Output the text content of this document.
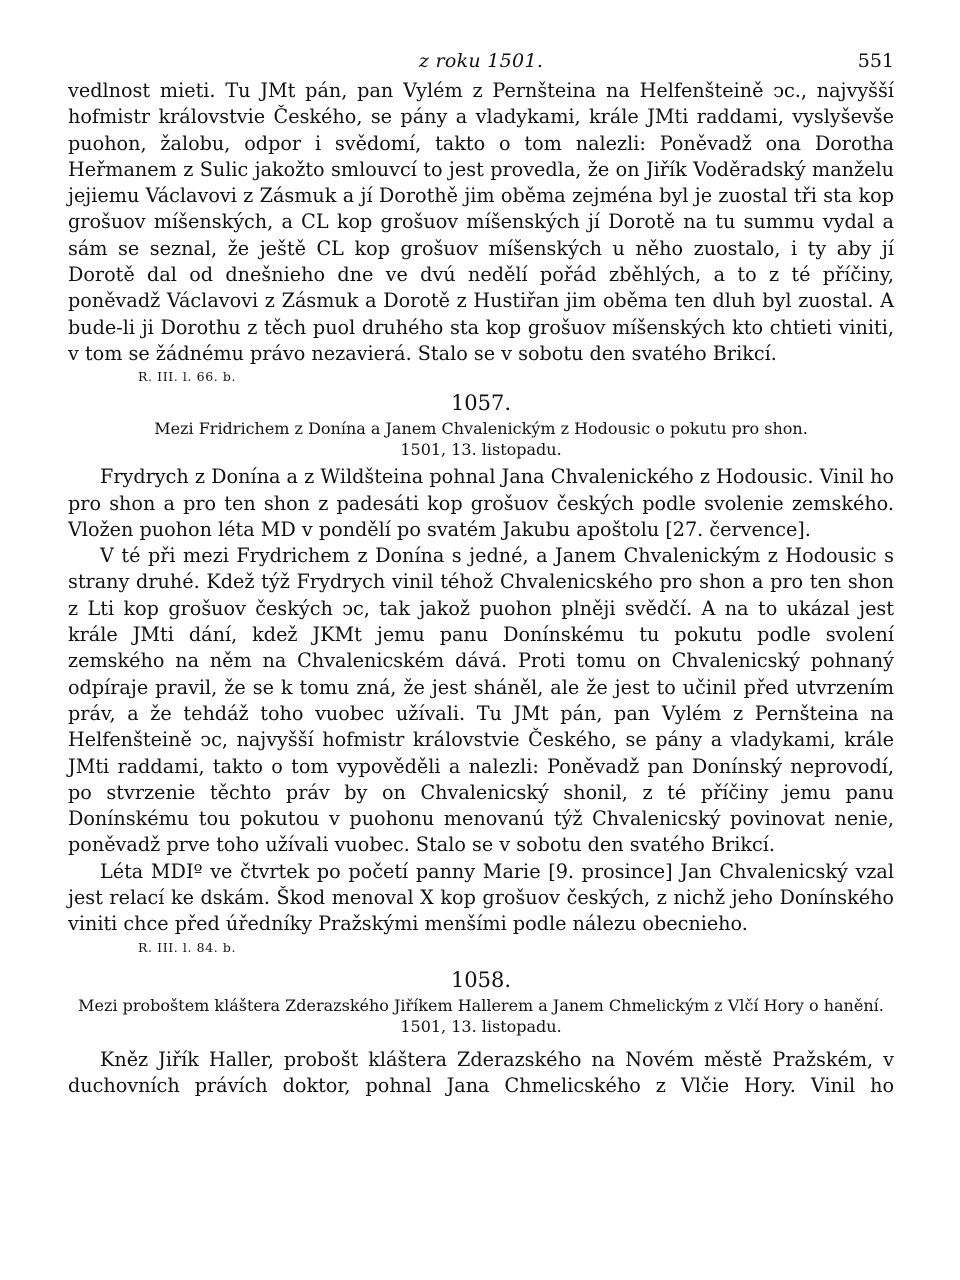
z roku 1501.	551

vedlnost mieti. Tu JMt pán, pan Vylém z Pernšteina na Helfenšteině ↄc., najvyšší hofmistr královstvie Českého, se pány a vladykami, krále JMti raddami, vyslyševše puohon, žalobu, odpor i svědomí, takto o tom nalezli: Poněvadž ona Dorotha Heřmanem z Sulic jakožto smlouvcí to jest provedla, že on Jiřík Voděradský manželu jejiemu Václavovi z Zásmuk a jí Dorothě jim oběma zejména byl je zuostal tři sta kop grošuov míšenských, a CL kop grošuov míšenských jí Dorotě na tu summu vydal a sám se seznal, že ještě CL kop grošuov míšenských u něho zuostalo, i ty aby jí Dorotě dal od dnešnieho dne ve dvú nedělí pořád zběhlých, a to z té příčiny, poněvadž Václavovi z Zásmuk a Dorotě z Hustiřan jim oběma ten dluh byl zuostal. A bude-li ji Dorothu z těch puol druhého sta kop grošuov míšenských kto chtieti viniti, v tom se žádnému právo nezavierá. Stalo se v sobotu den svatého Brikcí.

R. III. l. 66. b.
1057.
Mezi Fridrichem z Donína a Janem Chvalenickým z Hodousic o pokutu pro shon.
1501, 13. listopadu.

Frydrych z Donína a z Wildšteina pohnal Jana Chvalenického z Hodousic. Vinil ho pro shon a pro ten shon z padesáti kop grošuov českých podle svolenie zemského. Vložen puohon léta MD v pondělí po svatém Jakubu apoštolu [27. července].

V té při mezi Frydrichem z Donína s jedné, a Janem Chvalenickým z Hodousic s strany druhé. Kdež týž Frydrych vinil téhož Chvalenicského pro shon a pro ten shon z Lti kop grošuov českých ↄc, tak jakož puohon plněji svědčí. A na to ukázal jest krále JMti dání, kdež JKMt jemu panu Donínskému tu pokutu podle svolení zemského na něm na Chvalenicském dává. Proti tomu on Chvalenicský pohnaný odpíraje pravil, že se k tomu zná, že jest sháněl, ale že jest to učinil před utvrzením práv, a že tehdáž toho vuobec užívali. Tu JMt pán, pan Vylém z Pernšteina na Helfenšteině ↄc, najvyšší hofmistr královstvie Českého, se pány a vladykami, krále JMti raddami, takto o tom vypověděli a nalezli: Poněvadž pan Donínský neprovodí, po stvrzenie těchto práv by on Chvalenicský shonil, z té příčiny jemu panu Donínskému tou pokutou v puohonu menovanú týž Chvalenicský povinovat nenie, poněvadž prve toho užívali vuobec. Stalo se v sobotu den svatého Brikcí.

Léta MDIº ve čtvrtek po početí panny Marie [9. prosince] Jan Chvalenicský vzal jest relací ke dskám. Škod menoval X kop grošuov českých, z nichž jeho Donínského viniti chce před úředníky Pražskými menšími podle nálezu obecnieho.

R. III. l. 84. b.
1058.
Mezi proboštem kláštera Zderazského Jiříkem Hallerem a Janem Chmelickým z Vlčí Hory o hanění. 1501, 13. listopadu.

Kněz Jiřík Haller, probošt kláštera Zderazského na Novém městě Pražském, v duchovních právích doktor, pohnal Jana Chmelicského z Vlčie Hory. Vinil ho
